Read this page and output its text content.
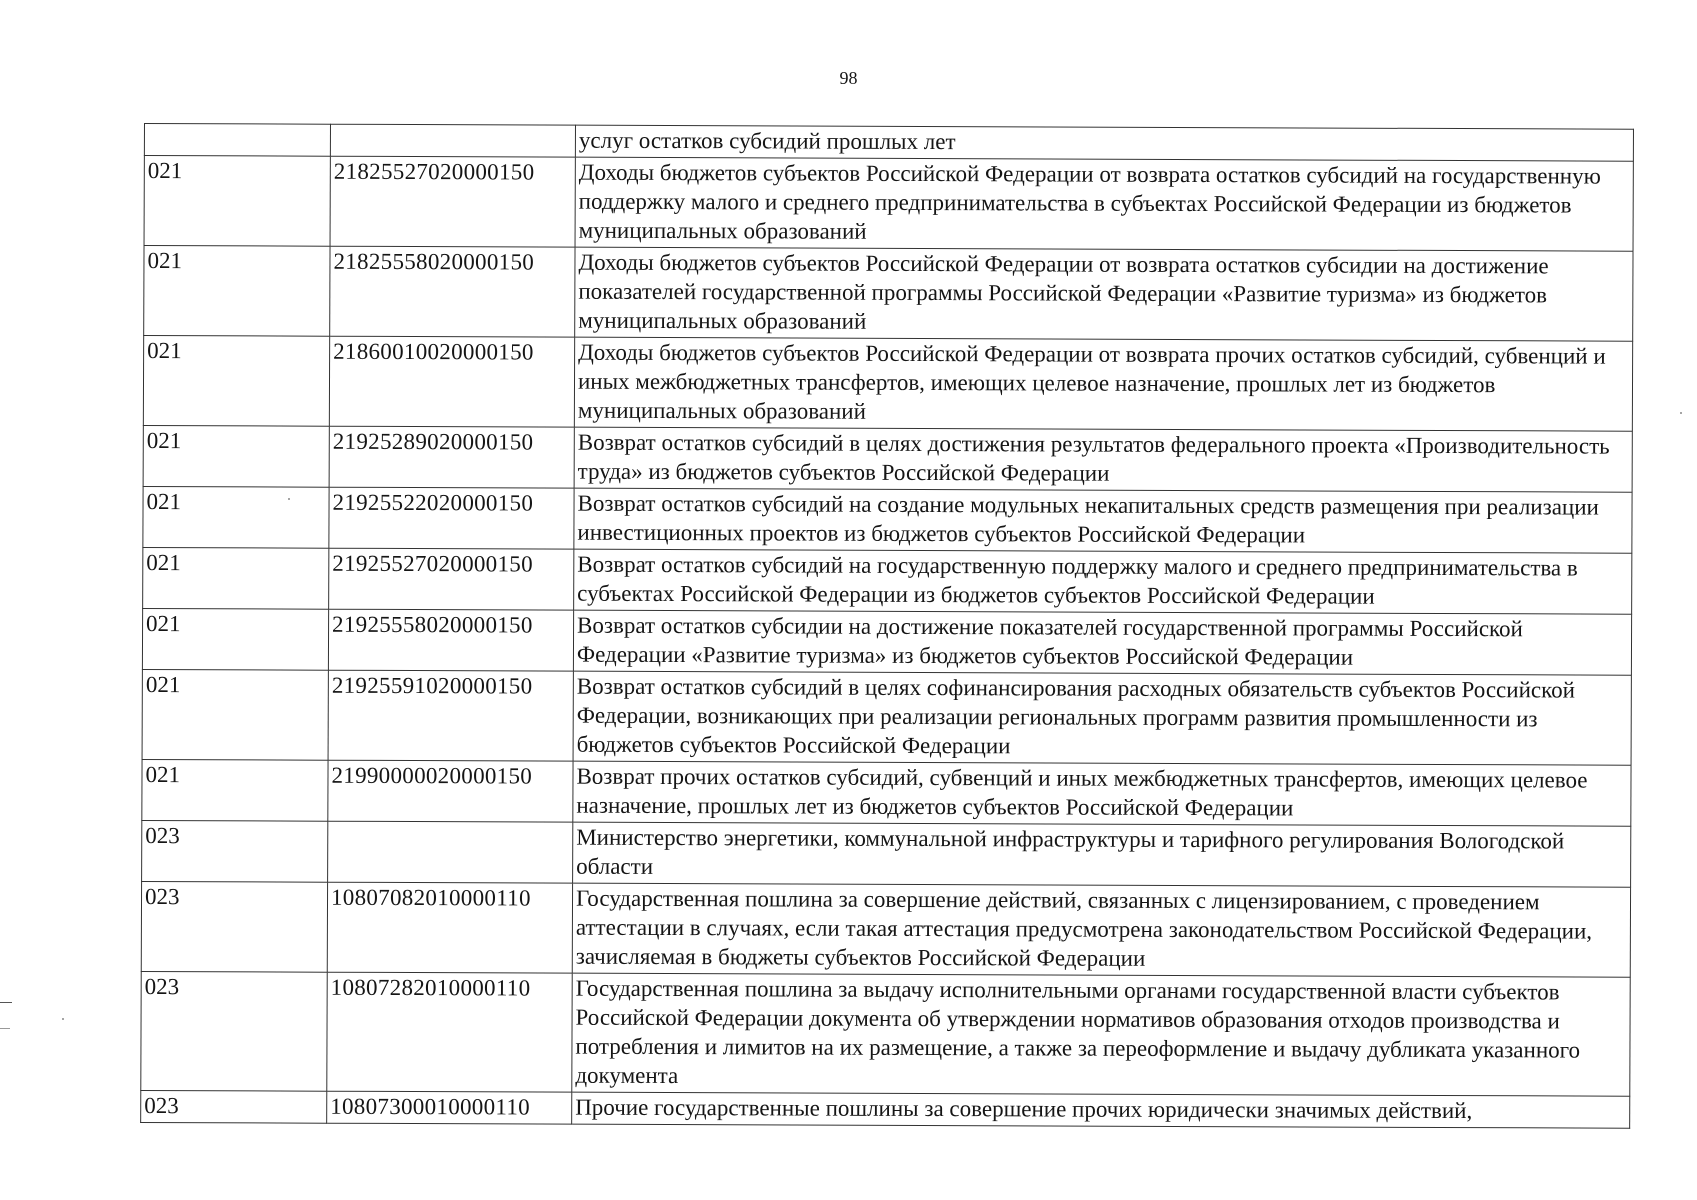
98
		услуг остатков субсидий прошлых лет
021	21825527020000150	Доходы бюджетов субъектов Российской Федерации от возврата остатков субсидий на государственную поддержку малого и среднего предпринимательства в субъектах Российской Федерации из бюджетов муниципальных образований
021	21825558020000150	Доходы бюджетов субъектов Российской Федерации от возврата остатков субсидии на достижение показателей государственной программы Российской Федерации «Развитие туризма» из бюджетов муниципальных образований
021	21860010020000150	Доходы бюджетов субъектов Российской Федерации от возврата прочих остатков субсидий, субвенций и иных межбюджетных трансфертов, имеющих целевое назначение, прошлых лет из бюджетов муниципальных образований
021	21925289020000150	Возврат остатков субсидий в целях достижения результатов федерального проекта «Производительность труда» из бюджетов субъектов Российской Федерации
021	21925522020000150	Возврат остатков субсидий на создание модульных некапитальных средств размещения при реализации инвестиционных проектов из бюджетов субъектов Российской Федерации
021	21925527020000150	Возврат остатков субсидий на государственную поддержку малого и среднего предпринимательства в субъектах Российской Федерации из бюджетов субъектов Российской Федерации
021	21925558020000150	Возврат остатков субсидии на достижение показателей государственной программы Российской Федерации «Развитие туризма» из бюджетов субъектов Российской Федерации
021	21925591020000150	Возврат остатков субсидий в целях софинансирования расходных обязательств субъектов Российской Федерации, возникающих при реализации региональных программ развития промышленности из бюджетов субъектов Российской Федерации
021	21990000020000150	Возврат прочих остатков субсидий, субвенций и иных межбюджетных трансфертов, имеющих целевое назначение, прошлых лет из бюджетов субъектов Российской Федерации
023		Министерство энергетики, коммунальной инфраструктуры и тарифного регулирования Вологодской области
023	10807082010000110	Государственная пошлина за совершение действий, связанных с лицензированием, с проведением аттестации в случаях, если такая аттестация предусмотрена законодательством Российской Федерации, зачисляемая в бюджеты субъектов Российской Федерации
023	10807282010000110	Государственная пошлина за выдачу исполнительными органами государственной власти субъектов Российской Федерации документа об утверждении нормативов образования отходов производства и потребления и лимитов на их размещение, а также за переоформление и выдачу дубликата указанного документа
023	10807300010000110	Прочие государственные пошлины за совершение прочих юридически значимых действий,
